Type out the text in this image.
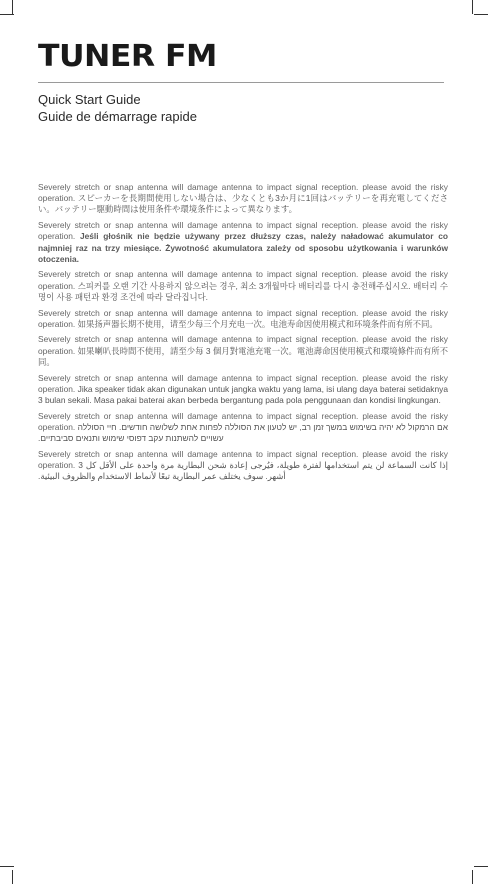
TUNER FM
Quick Start Guide
Guide de démarrage rapide

Severely stretch or snap antenna will damage antenna to impact signal reception. please avoid the risky operation. スピーカーを長期間使用しない場合は、少なくとも3か月に1回はバッテリーを再充電してください。バッテリー駆動時間は使用条件や環境条件によって異なります。

Severely stretch or snap antenna will damage antenna to impact signal reception. please avoid the risky operation. Jeśli głośnik nie będzie używany przez dłuższy czas, należy naładować akumulator co najmniej raz na trzy miesiące. Żywotność akumulatora zależy od sposobu użytkowania i warunków otoczenia.

Severely stretch or snap antenna will damage antenna to impact signal reception. please avoid the risky operation. 스피커를 오랜 기간 사용하지 않으려는 경우, 최소 3개월마다 배터리를 다시 충전해주십시오. 배터리 수명이 사용 패턴과 환경 조건에 따라 달라집니다.

Severely stretch or snap antenna will damage antenna to impact signal reception. please avoid the risky operation. 如果扬声器长期不使用，请至少每三个月充电一次。电池寿命因使用模式和环境条件而有所不同。

Severely stretch or snap antenna will damage antenna to impact signal reception. please avoid the risky operation. 如果喇叭長時間不使用，請至少每 3 個月對電池充電一次。電池壽命因使用模式和環境條件而有所不同。

Severely stretch or snap antenna will damage antenna to impact signal reception. please avoid the risky operation. Jika speaker tidak akan digunakan untuk jangka waktu yang lama, isi ulang daya baterai setidaknya 3 bulan sekali. Masa pakai baterai akan berbeda bergantung pada pola penggunaan dan kondisi lingkungan.

Severely stretch or snap antenna will damage antenna to impact signal reception. please avoid the risky operation. אם הרמקול לא יהיה בשימוש במשך זמן רב, יש לטעון את הסוללה לפחות אחת לשלושה חודשים. חיי הסוללה עשויים להשתנות עקב דפוסי שימוש ותנאים סביבתיים.

Severely stretch or snap antenna will damage antenna to impact signal reception. please avoid the risky operation. إذا كانت السماعة لن يتم استخدامها لفترة طويلة، فيُرجى إعادة شحن البطارية مرة واحدة على الأقل كل 3 أشهر. سوف يختلف عمر البطارية تبعًا لأنماط الاستخدام والظروف البيئية.
